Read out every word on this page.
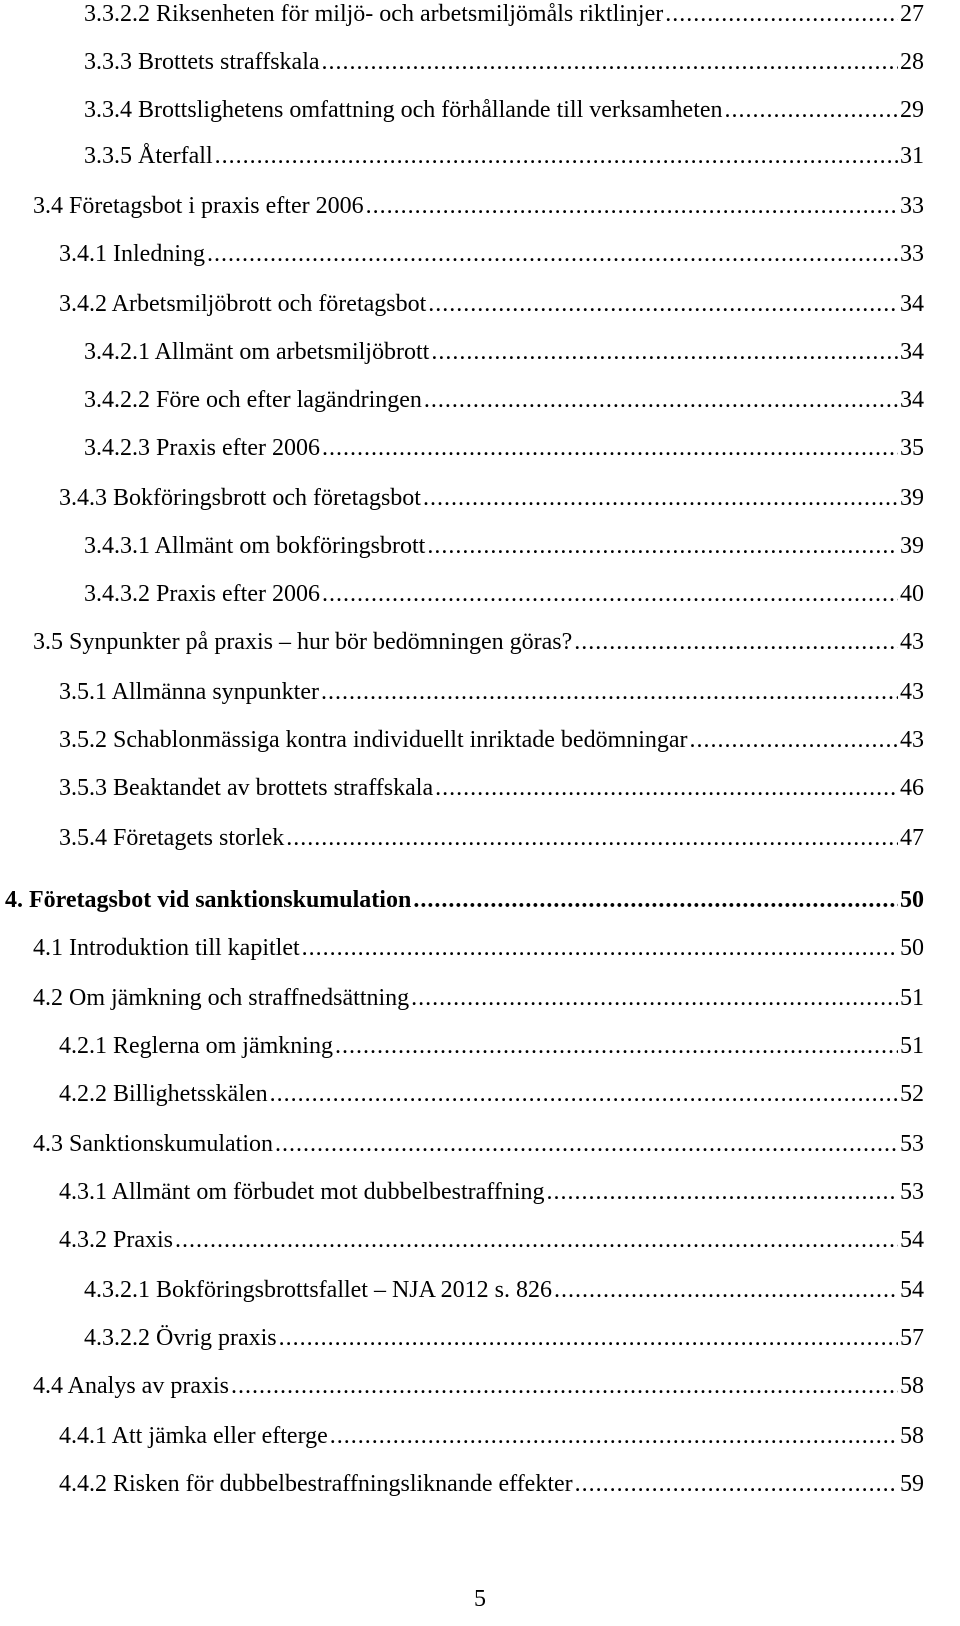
3.3.2.2 Riksenheten för miljö- och arbetsmiljömåls riktlinjer .....	27
3.3.3 Brottets straffskala .....	28
3.3.4 Brottslighetens omfattning och förhållande till verksamheten .....	29
3.3.5 Återfall .....	31
3.4 Företagsbot i praxis efter 2006 .....	33
3.4.1 Inledning .....	33
3.4.2 Arbetsmiljöbrott och företagsbot .....	34
3.4.2.1 Allmänt om arbetsmiljöbrott .....	34
3.4.2.2 Före och efter lagändringen .....	34
3.4.2.3 Praxis efter 2006 .....	35
3.4.3 Bokföringsbrott och företagsbot .....	39
3.4.3.1 Allmänt om bokföringsbrott .....	39
3.4.3.2 Praxis efter 2006 .....	40
3.5 Synpunkter på praxis – hur bör bedömningen göras? .....	43
3.5.1 Allmänna synpunkter .....	43
3.5.2 Schablonmässiga kontra individuellt inriktade bedömningar .....	43
3.5.3 Beaktandet av brottets straffskala .....	46
3.5.4 Företagets storlek .....	47
4. Företagsbot vid sanktionskumulation .....	50
4.1 Introduktion till kapitlet .....	50
4.2 Om jämkning och straffnedsättning .....	51
4.2.1 Reglerna om jämkning .....	51
4.2.2 Billighetsskälen .....	52
4.3 Sanktionskumulation .....	53
4.3.1 Allmänt om förbudet mot dubbelbestraffning .....	53
4.3.2 Praxis .....	54
4.3.2.1 Bokföringsbrottsfallet – NJA 2012 s. 826 .....	54
4.3.2.2 Övrig praxis .....	57
4.4 Analys av praxis .....	58
4.4.1 Att jämka eller efterge .....	58
4.4.2 Risken för dubbelbestraffningsliknande effekter .....	59
5
